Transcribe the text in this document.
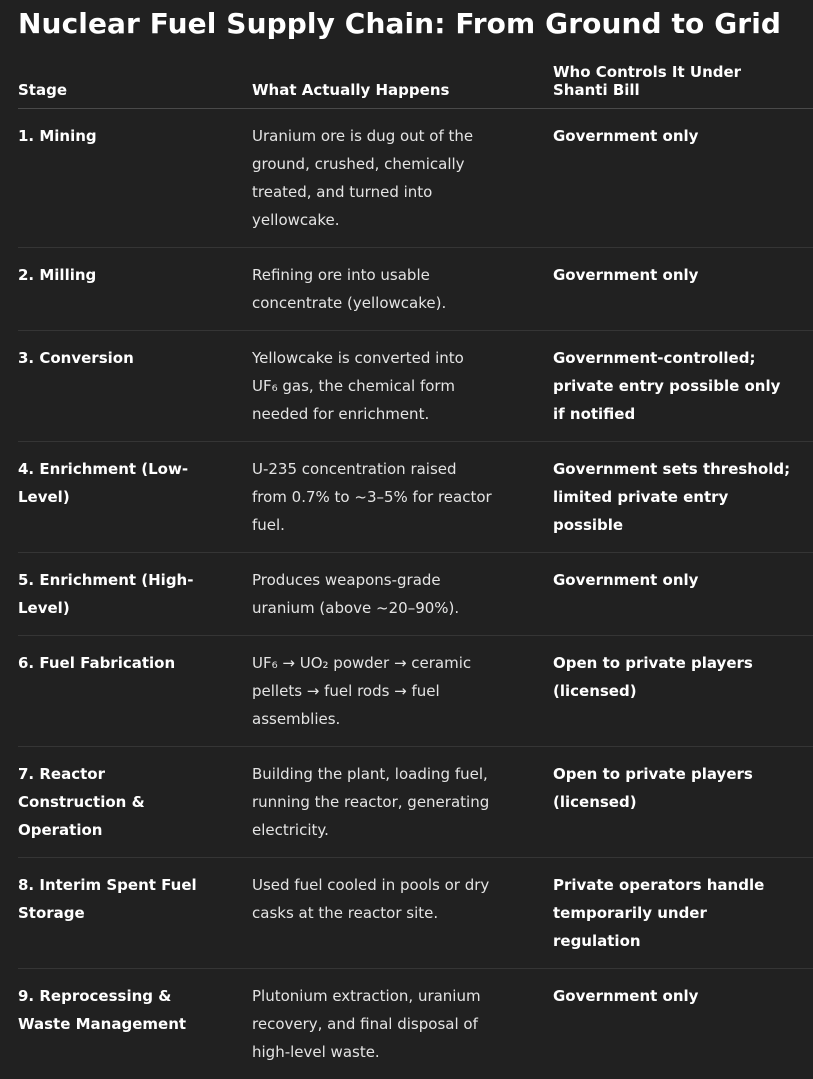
Nuclear Fuel Supply Chain: From Ground to Grid
Stage	What Actually Happens	Who Controls It Under
Shanti Bill

1. Mining	Uranium ore is dug out of the
ground, crushed, chemically
treated, and turned into
yellowcake.	Government only
2. Milling	Refining ore into usable
concentrate (yellowcake).	Government only
3. Conversion	Yellowcake is converted into
UF₆ gas, the chemical form
needed for enrichment.	Government-controlled;
private entry possible only
if notified
4. Enrichment (Low-
Level)	U-235 concentration raised
from 0.7% to ~3–5% for reactor
fuel.	Government sets threshold;
limited private entry
possible
5. Enrichment (High-
Level)	Produces weapons-grade
uranium (above ~20–90%).	Government only
6. Fuel Fabrication	UF₆ → UO₂ powder → ceramic
pellets → fuel rods → fuel
assemblies.	Open to private players
(licensed)
7. Reactor
Construction &
Operation	Building the plant, loading fuel,
running the reactor, generating
electricity.	Open to private players
(licensed)
8. Interim Spent Fuel
Storage	Used fuel cooled in pools or dry
casks at the reactor site.	Private operators handle
temporarily under
regulation
9. Reprocessing &
Waste Management	Plutonium extraction, uranium
recovery, and final disposal of
high-level waste.	Government only
